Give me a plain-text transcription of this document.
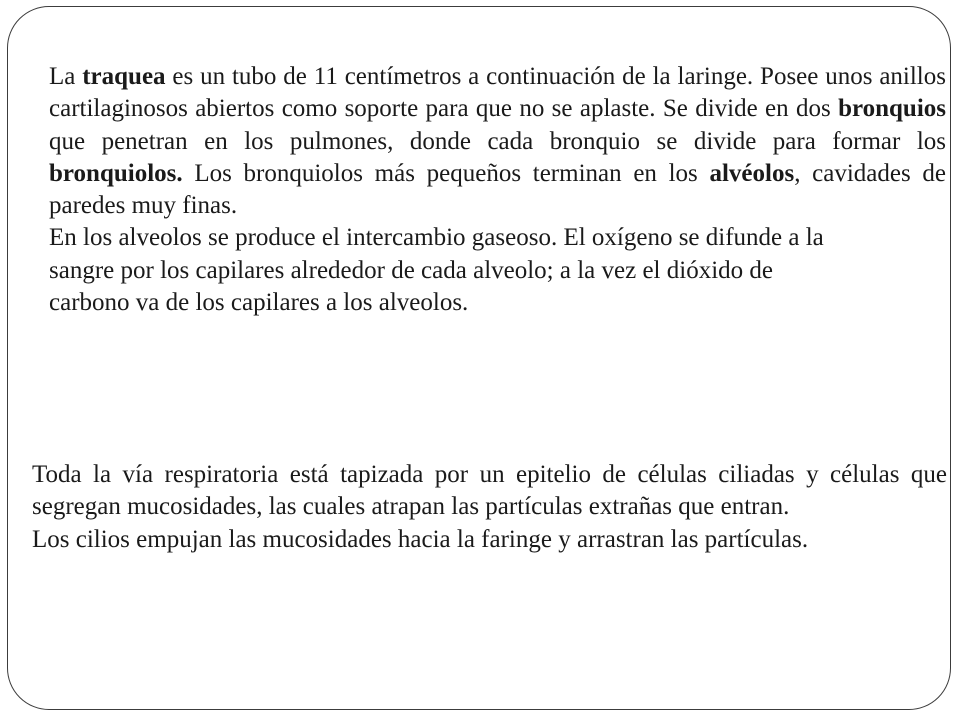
La traquea es un tubo de 11 centímetros a continuación de la laringe. Posee unos anillos cartilaginosos abiertos como soporte para que no se aplaste. Se divide en dos bronquios que penetran en los pulmones, donde cada bronquio se divide para formar los bronquiolos. Los bronquiolos más pequeños terminan en los alvéolos, cavidades de paredes muy finas.

En los alveolos se produce el intercambio gaseoso. El oxígeno se difunde a la
sangre por los capilares alrededor de cada alveolo; a la vez el dióxido de
carbono va de los capilares a los alveolos.

Toda la vía respiratoria está tapizada por un epitelio de células ciliadas y células que segregan mucosidades, las cuales atrapan las partículas extrañas que entran.

Los cilios empujan las mucosidades hacia la faringe y arrastran las partículas.
